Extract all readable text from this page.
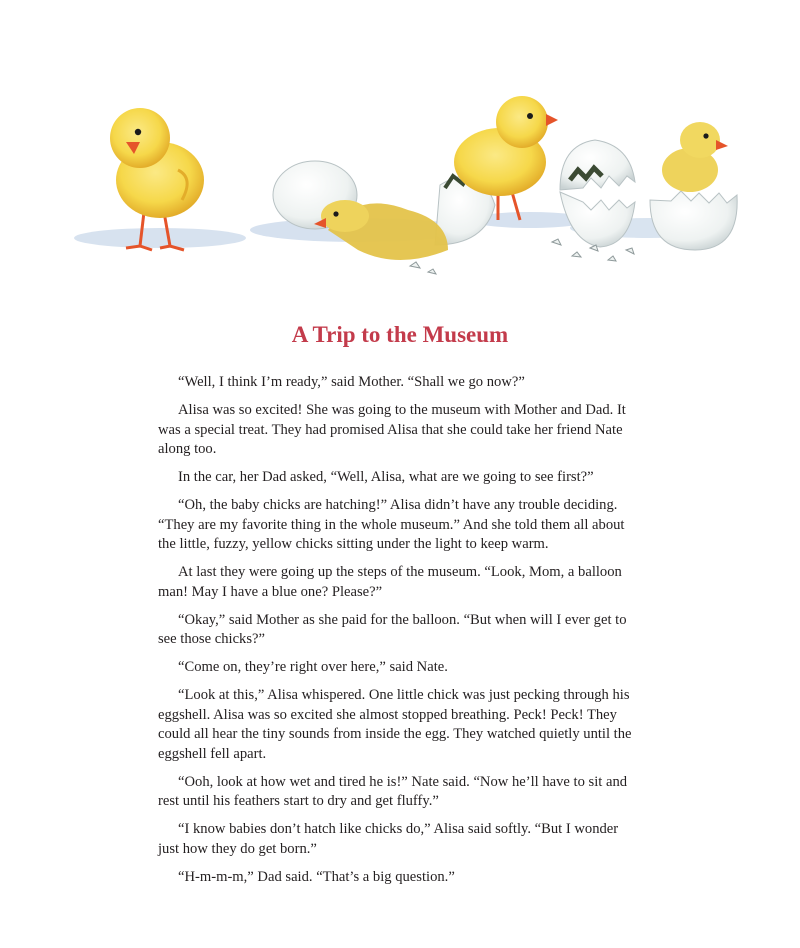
A Trip to the Museum

“Well, I think I’m ready,” said Mother. “Shall we go now?”

Alisa was so excited! She was going to the museum with Mother and Dad. It was a special treat. They had promised Alisa that she could take her friend Nate along too.

In the car, her Dad asked, “Well, Alisa, what are we going to see first?”

“Oh, the baby chicks are hatching!” Alisa didn’t have any trouble deciding. “They are my favorite thing in the whole museum.” And she told them all about the little, fuzzy, yellow chicks sitting under the light to keep warm.

At last they were going up the steps of the museum. “Look, Mom, a balloon man! May I have a blue one? Please?”

“Okay,” said Mother as she paid for the balloon. “But when will I ever get to see those chicks?”

“Come on, they’re right over here,” said Nate.

“Look at this,” Alisa whispered. One little chick was just pecking through his eggshell. Alisa was so excited she almost stopped breathing. Peck! Peck! They could all hear the tiny sounds from inside the egg. They watched quietly until the eggshell fell apart.

“Ooh, look at how wet and tired he is!” Nate said. “Now he’ll have to sit and rest until his feathers start to dry and get fluffy.”

“I know babies don’t hatch like chicks do,” Alisa said softly. “But I wonder just how they do get born.”

“H-m-m-m,” Dad said. “That’s a big question.”
